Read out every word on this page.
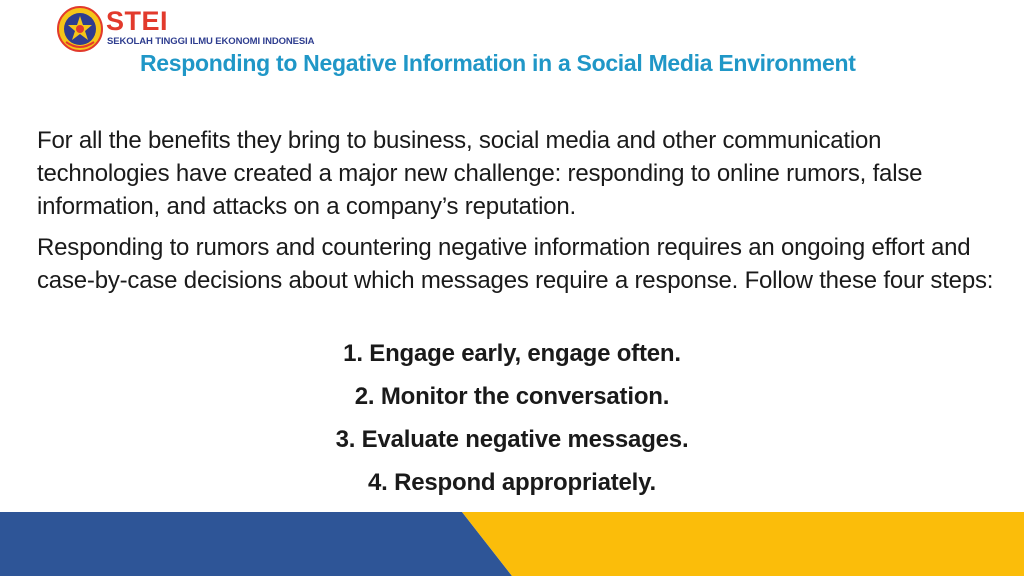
STEI
SEKOLAH TINGGI ILMU EKONOMI INDONESIA
Responding to Negative Information in a Social Media Environment

For all the benefits they bring to business, social media and other communication technologies have created a major new challenge: responding to online rumors, false information, and attacks on a company’s reputation.

Responding to rumors and countering negative information requires an ongoing effort and case-by-case decisions about which messages require a response. Follow these four steps:

1. Engage early, engage often.
2. Monitor the conversation.
3. Evaluate negative messages.
4. Respond appropriately.
